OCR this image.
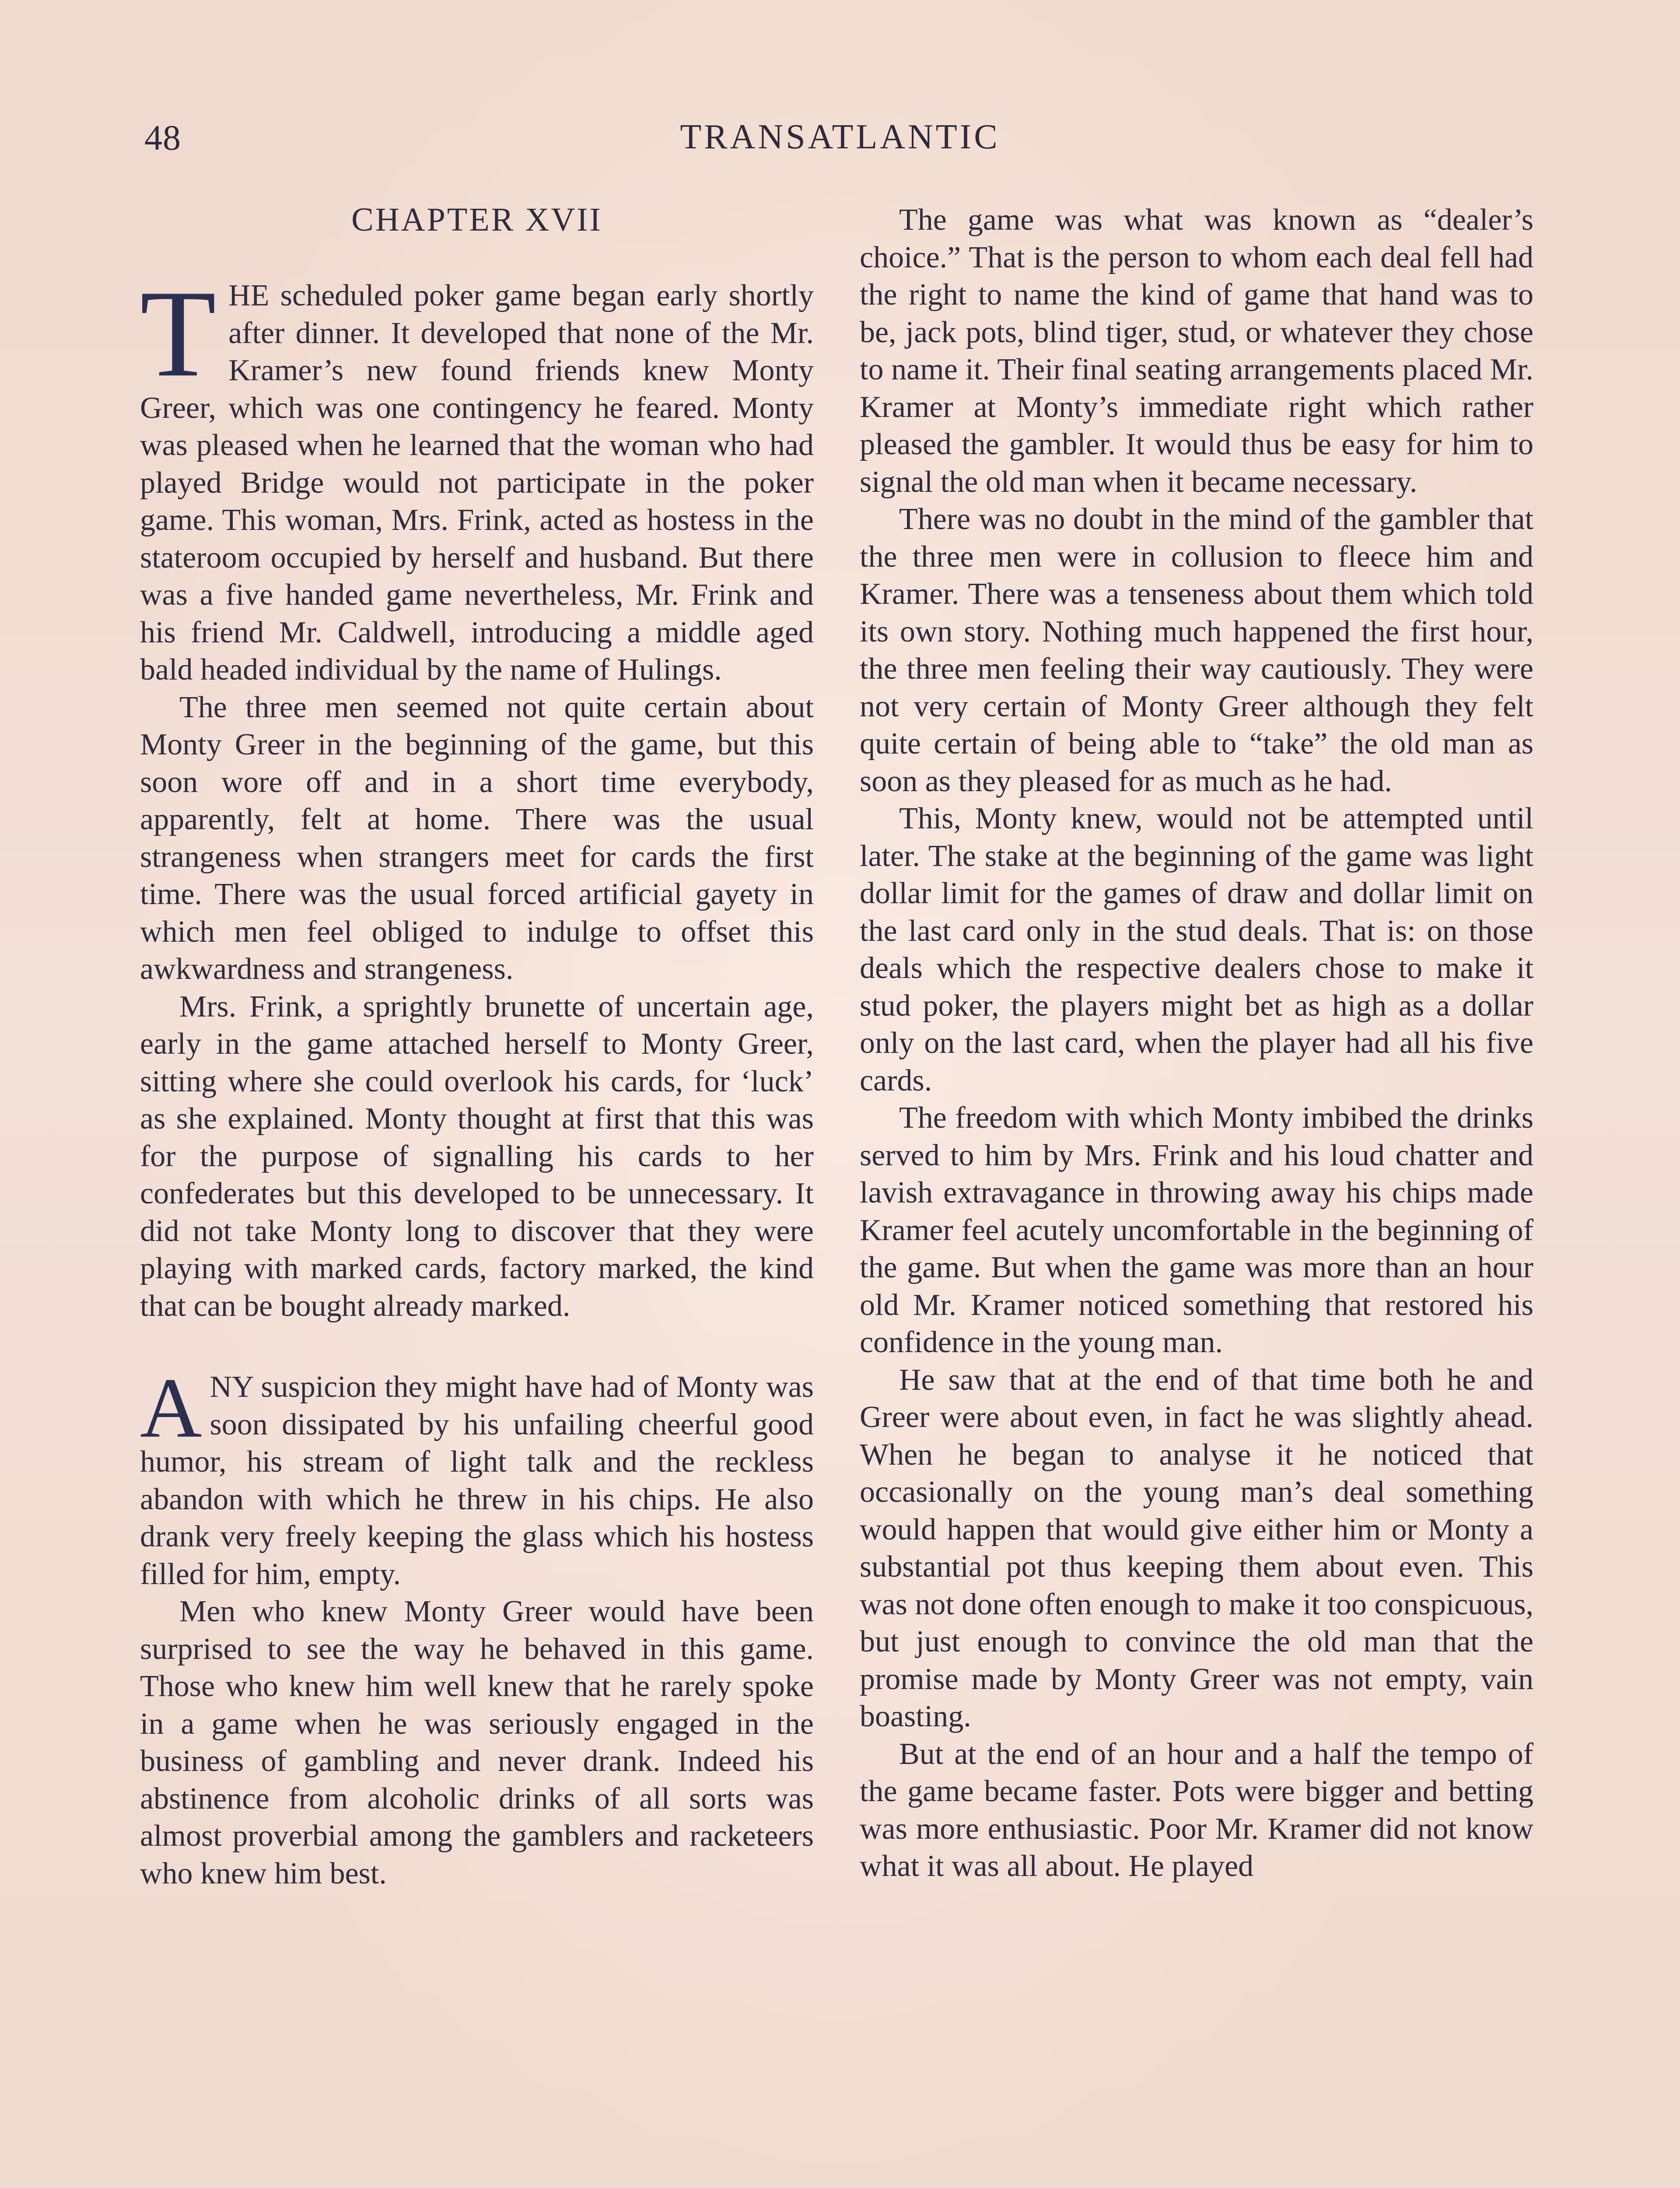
48	TRANSATLANTIC
CHAPTER XVII

THE scheduled poker game began early shortly after dinner. It developed that none of the Mr. Kramer’s new found friends knew Monty Greer, which was one contingency he feared. Monty was pleased when he learned that the woman who had played Bridge would not participate in the poker game. This woman, Mrs. Frink, acted as hostess in the stateroom occupied by herself and husband. But there was a five handed game nevertheless, Mr. Frink and his friend Mr. Caldwell, introducing a middle aged bald headed individual by the name of Hulings.

The three men seemed not quite certain about Monty Greer in the beginning of the game, but this soon wore off and in a short time everybody, apparently, felt at home. There was the usual strangeness when strangers meet for cards the first time. There was the usual forced artificial gayety in which men feel obliged to indulge to offset this awkwardness and strangeness.

Mrs. Frink, a sprightly brunette of uncertain age, early in the game attached herself to Monty Greer, sitting where she could overlook his cards, for ‘luck’ as she explained. Monty thought at first that this was for the purpose of signalling his cards to her confederates but this developed to be unnecessary. It did not take Monty long to discover that they were playing with marked cards, factory marked, the kind that can be bought already marked.

ANY suspicion they might have had of Monty was soon dissipated by his unfailing cheerful good humor, his stream of light talk and the reckless abandon with which he threw in his chips. He also drank very freely keeping the glass which his hostess filled for him, empty.

Men who knew Monty Greer would have been surprised to see the way he behaved in this game. Those who knew him well knew that he rarely spoke in a game when he was seriously engaged in the business of gambling and never drank. Indeed his abstinence from alcoholic drinks of all sorts was almost proverbial among the gamblers and racketeers who knew him best.

The game was what was known as “dealer’s choice.” That is the person to whom each deal fell had the right to name the kind of game that hand was to be, jack pots, blind tiger, stud, or whatever they chose to name it. Their final seating arrangements placed Mr. Kramer at Monty’s immediate right which rather pleased the gambler. It would thus be easy for him to signal the old man when it became necessary.

There was no doubt in the mind of the gambler that the three men were in collusion to fleece him and Kramer. There was a tenseness about them which told its own story. Nothing much happened the first hour, the three men feeling their way cautiously. They were not very certain of Monty Greer although they felt quite certain of being able to “take” the old man as soon as they pleased for as much as he had.

This, Monty knew, would not be attempted until later. The stake at the beginning of the game was light dollar limit for the games of draw and dollar limit on the last card only in the stud deals. That is: on those deals which the respective dealers chose to make it stud poker, the players might bet as high as a dollar only on the last card, when the player had all his five cards.

The freedom with which Monty imbibed the drinks served to him by Mrs. Frink and his loud chatter and lavish extravagance in throwing away his chips made Kramer feel acutely uncomfortable in the beginning of the game. But when the game was more than an hour old Mr. Kramer noticed something that restored his confidence in the young man.

He saw that at the end of that time both he and Greer were about even, in fact he was slightly ahead. When he began to analyse it he noticed that occasionally on the young man’s deal something would happen that would give either him or Monty a substantial pot thus keeping them about even. This was not done often enough to make it too conspicuous, but just enough to convince the old man that the promise made by Monty Greer was not empty, vain boasting.

But at the end of an hour and a half the tempo of the game became faster. Pots were bigger and betting was more enthusiastic. Poor Mr. Kramer did not know what it was all about. He played
